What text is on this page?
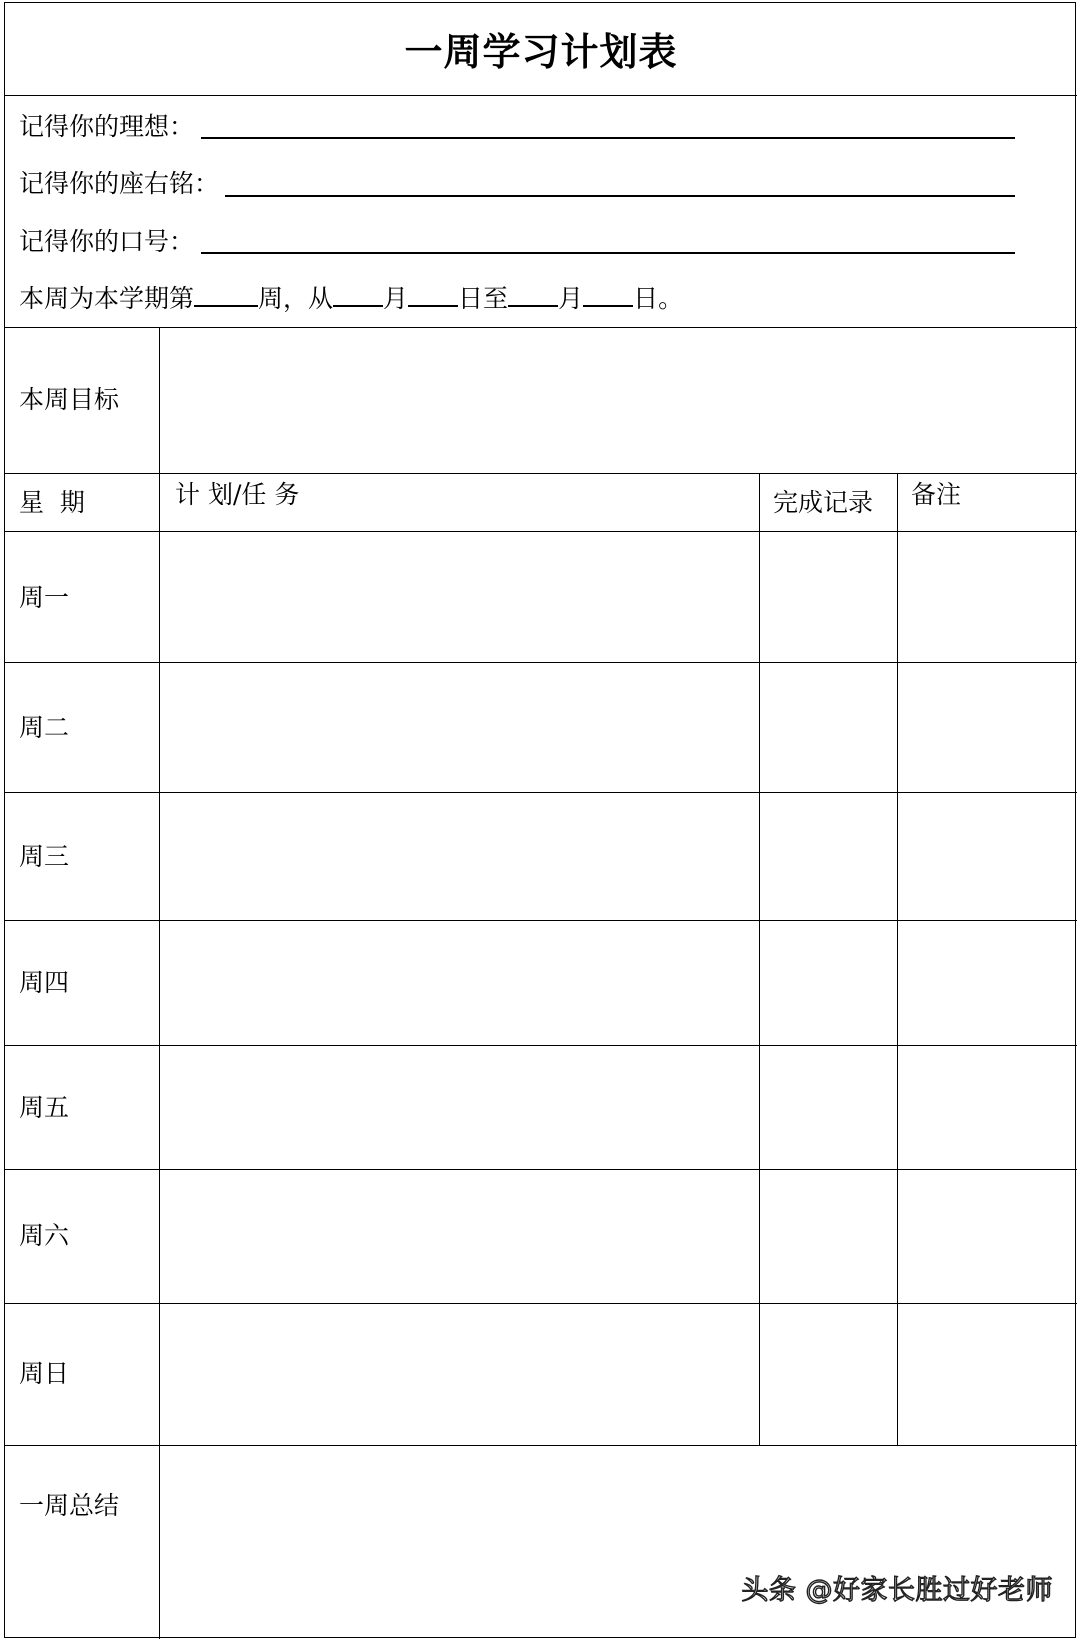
一周学习计划表
记得你的理想：
记得你的座右铭：
记得你的口号：
本周为本学期第	周，从 月 日至 月 日。
本周目标
星  期	计 划/任 务	完成记录 备注
周一
周二
周三
周四
周五
周六
周日
一周总结
头条 @好家长胜过好老师
